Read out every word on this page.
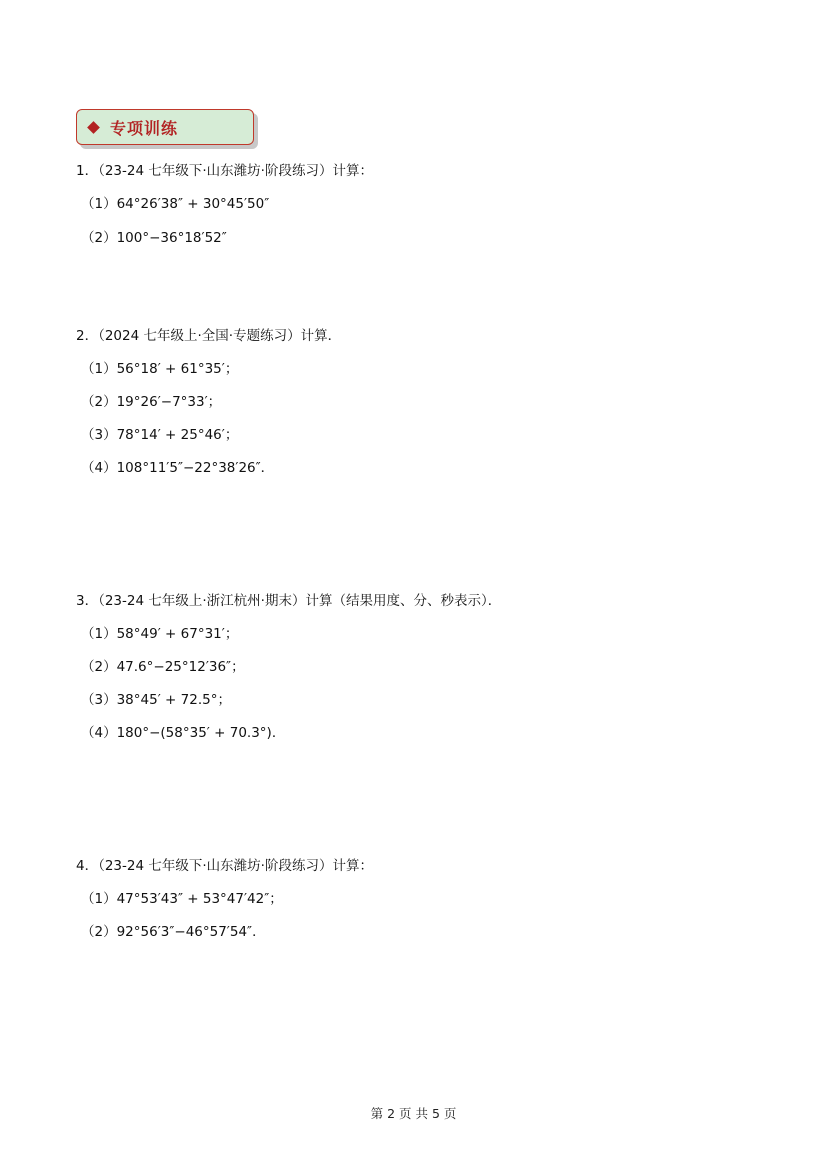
专项训练
1．（23-24 七年级下·山东潍坊·阶段练习）计算：
（1）64°26′38″ + 30°45′50″
（2）100°−36°18′52″
2．（2024 七年级上·全国·专题练习）计算．
（1）56°18′ + 61°35′；
（2）19°26′−7°33′；
（3）78°14′ + 25°46′；
（4）108°11′5″−22°38′26″．
3．（23-24 七年级上·浙江杭州·期末）计算（结果用度、分、秒表示）．
（1）58°49′ + 67°31′；
（2）47.6°−25°12′36″；
（3）38°45′ + 72.5°；
（4）180°−(58°35′ + 70.3°)．
4．（23-24 七年级下·山东潍坊·阶段练习）计算：
（1）47°53′43″ + 53°47′42″；
（2）92°56′3″−46°57′54″．
第 2 页 共 5 页
